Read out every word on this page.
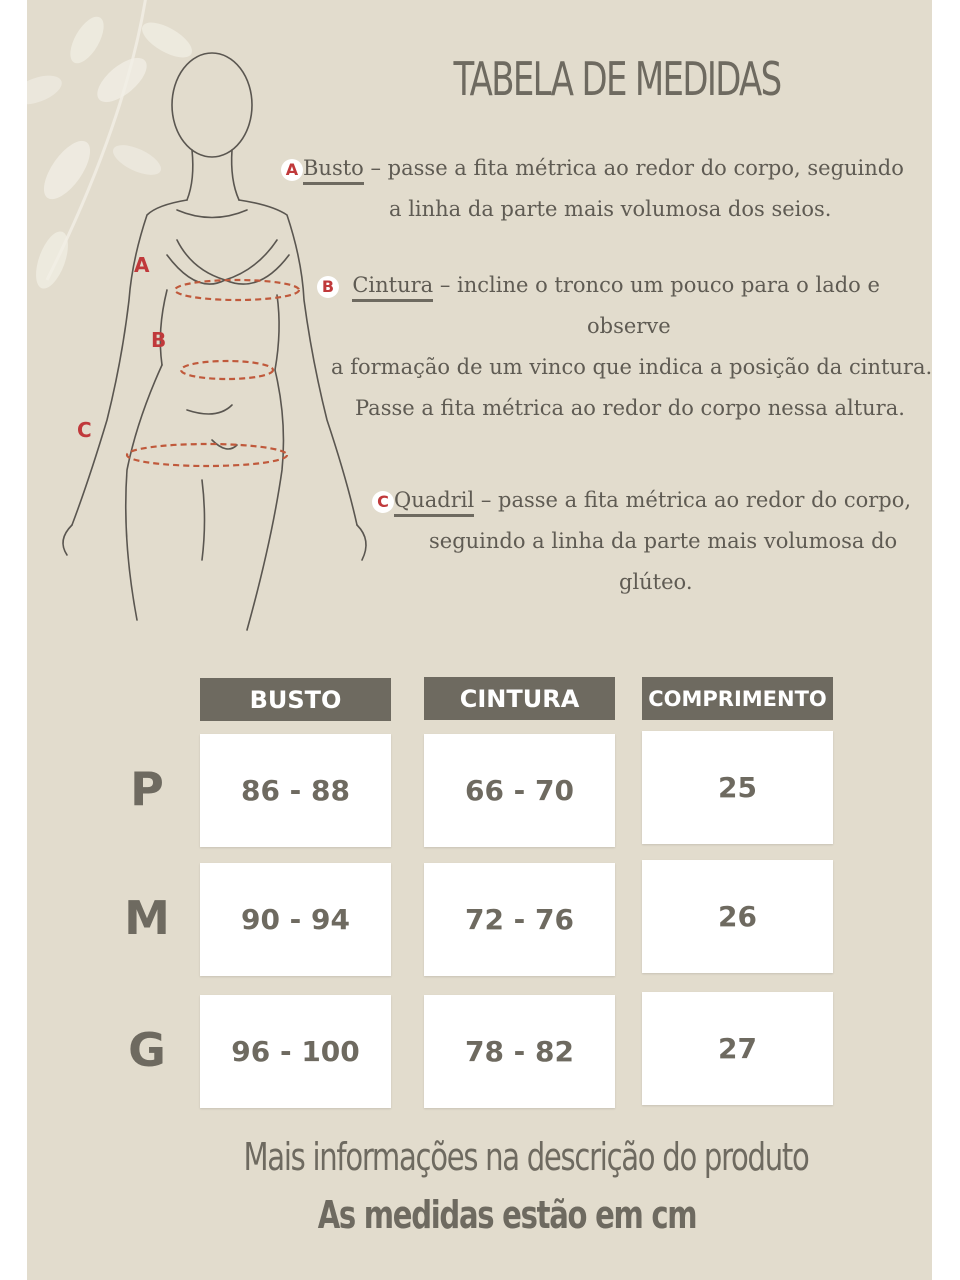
A
B
C
TABELA DE MEDIDAS
A Busto – passe a fita métrica ao redor do corpo, seguindo
a linha da parte mais volumosa dos seios.
B Cintura – incline o tronco um pouco para o lado e
observe
a formação de um vinco que indica a posição da cintura.
Passe a fita métrica ao redor do corpo nessa altura.
C Quadril – passe a fita métrica ao redor do corpo,
seguindo a linha da parte mais volumosa do
glúteo.
BUSTO	CINTURA	COMPRIMENTO
P	86 - 88	66 - 70	25
M	90 - 94	72 - 76	26
G	96 - 100	78 - 82	27
Mais informações na descrição do produto
As medidas estão em cm
